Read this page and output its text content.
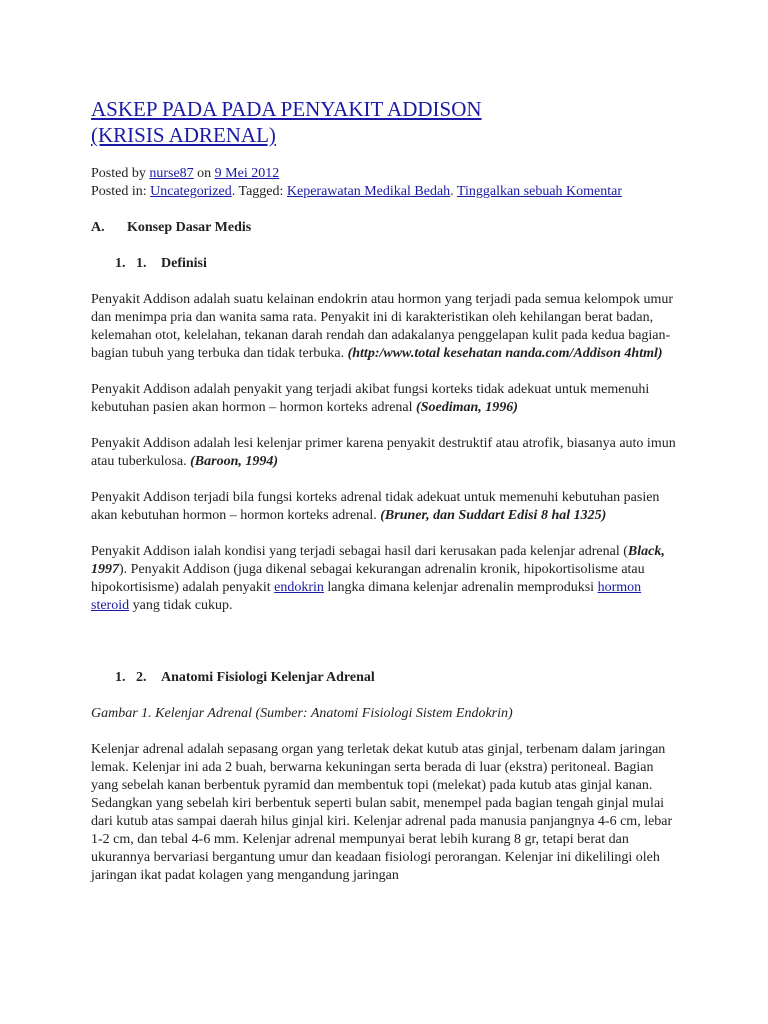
ASKEP PADA PADA PENYAKIT ADDISON
(KRISIS ADRENAL)

Posted by nurse87 on 9 Mei 2012

Posted in: Uncategorized. Tagged: Keperawatan Medikal Bedah. Tinggalkan sebuah Komentar

A. Konsep Dasar Medis

1.   1. Definisi

Penyakit Addison adalah suatu kelainan endokrin atau hormon yang terjadi pada semua kelompok umur dan menimpa pria dan wanita sama rata. Penyakit ini di karakteristikan oleh kehilangan berat badan, kelemahan otot, kelelahan, tekanan darah rendah dan adakalanya penggelapan kulit pada kedua bagian-bagian tubuh yang terbuka dan tidak terbuka. (http:/www.total kesehatan nanda.com/Addison 4html)

Penyakit Addison adalah penyakit yang terjadi akibat fungsi korteks tidak adekuat untuk memenuhi kebutuhan pasien akan hormon – hormon korteks adrenal (Soediman, 1996)

Penyakit Addison adalah lesi kelenjar primer karena penyakit destruktif atau atrofik, biasanya auto imun atau tuberkulosa. (Baroon, 1994)

Penyakit Addison terjadi bila fungsi korteks adrenal tidak adekuat untuk memenuhi kebutuhan pasien akan kebutuhan hormon – hormon korteks adrenal. (Bruner, dan Suddart Edisi 8 hal 1325)

Penyakit Addison ialah kondisi yang terjadi sebagai hasil dari kerusakan pada kelenjar adrenal (Black, 1997). Penyakit Addison (juga dikenal sebagai kekurangan adrenalin kronik, hipokortisolisme atau hipokortisisme) adalah penyakit endokrin langka dimana kelenjar adrenalin memproduksi hormon steroid yang tidak cukup.

1.   2. Anatomi Fisiologi Kelenjar Adrenal

Gambar 1. Kelenjar Adrenal (Sumber: Anatomi Fisiologi Sistem Endokrin)

Kelenjar adrenal adalah sepasang organ yang terletak dekat kutub atas ginjal, terbenam dalam jaringan lemak. Kelenjar ini ada 2 buah, berwarna kekuningan serta berada di luar (ekstra) peritoneal. Bagian yang sebelah kanan berbentuk pyramid dan membentuk topi (melekat) pada kutub atas ginjal kanan. Sedangkan yang sebelah kiri berbentuk seperti bulan sabit, menempel pada bagian tengah ginjal mulai dari kutub atas sampai daerah hilus ginjal kiri. Kelenjar adrenal pada manusia panjangnya 4-6 cm, lebar 1-2 cm, dan tebal 4-6 mm. Kelenjar adrenal mempunyai berat lebih kurang 8 gr, tetapi berat dan ukurannya bervariasi bergantung umur dan keadaan fisiologi perorangan. Kelenjar ini dikelilingi oleh jaringan ikat padat kolagen yang mengandung jaringan
